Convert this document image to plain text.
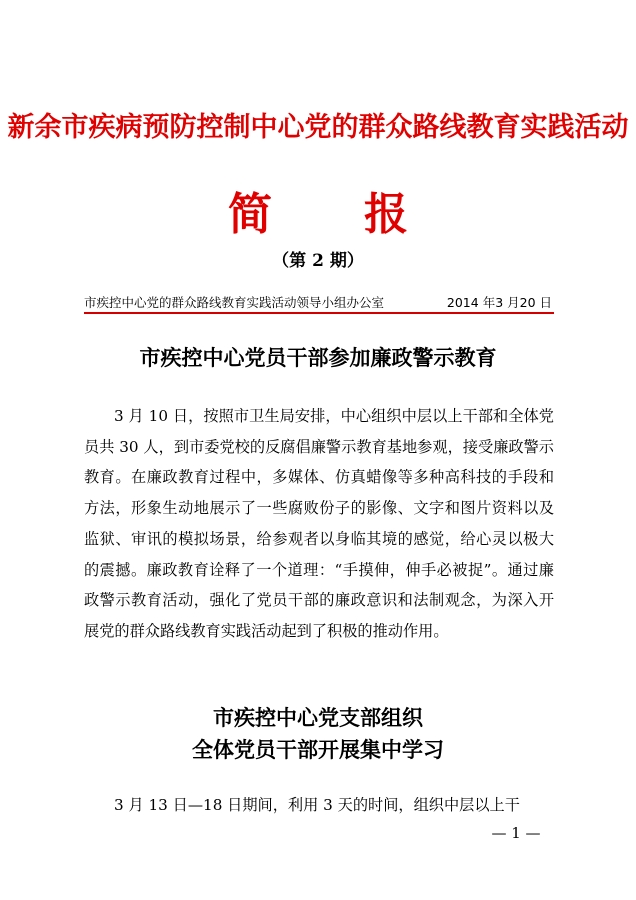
新余市疾病预防控制中心党的群众路线教育实践活动
简 报
（第 2 期）
市疾控中心党的群众路线教育实践活动领导小组办公室	2014 年3 月20 日
市疾控中心党员干部参加廉政警示教育
3 月 10 日，按照市卫生局安排，中心组织中层以上干部和全体党员共 30 人，到市委党校的反腐倡廉警示教育基地参观，接受廉政警示教育。在廉政教育过程中，多媒体、仿真蜡像等多种高科技的手段和方法，形象生动地展示了一些腐败份子的影像、文字和图片资料以及监狱、审讯的模拟场景，给参观者以身临其境的感觉，给心灵以极大的震撼。廉政教育诠释了一个道理：“手摸伸，伸手必被捉”。通过廉政警示教育活动，强化了党员干部的廉政意识和法制观念，为深入开展党的群众路线教育实践活动起到了积极的推动作用。
市疾控中心党支部组织
全体党员干部开展集中学习
3 月 13 日—18 日期间，利用 3 天的时间，组织中层以上干
— 1 —
